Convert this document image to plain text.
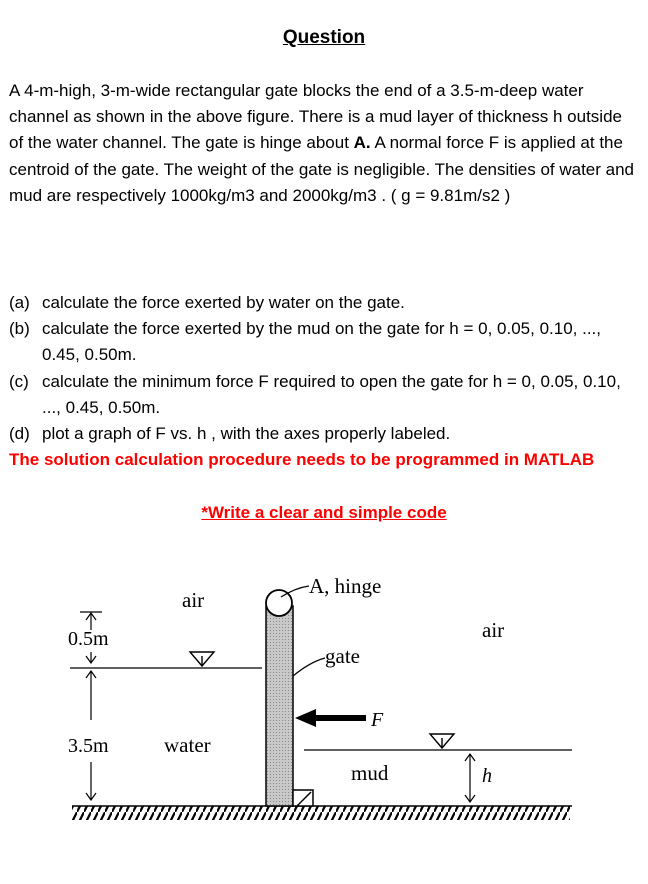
Question
A 4-m-high, 3-m-wide rectangular gate blocks the end of a 3.5-m-deep water channel as shown in the above figure. There is a mud layer of thickness h outside of the water channel. The gate is hinge about A. A normal force F is applied at the centroid of the gate. The weight of the gate is negligible. The densities of water and mud are respectively 1000kg/m3 and 2000kg/m3 . ( g = 9.81m/s2 )
(a) calculate the force exerted by water on the gate.
(b) calculate the force exerted by the mud on the gate for h = 0, 0.05, 0.10, ..., 0.45, 0.50m.
(c) calculate the minimum force F required to open the gate for h = 0, 0.05, 0.10, ..., 0.45, 0.50m.
(d) plot a graph of F vs. h , with the axes properly labeled.
The solution calculation procedure needs to be programmed in MATLAB
*Write a clear and simple code
A, hinge
gate
F
air
air
water
mud
0.5m
3.5m
h
